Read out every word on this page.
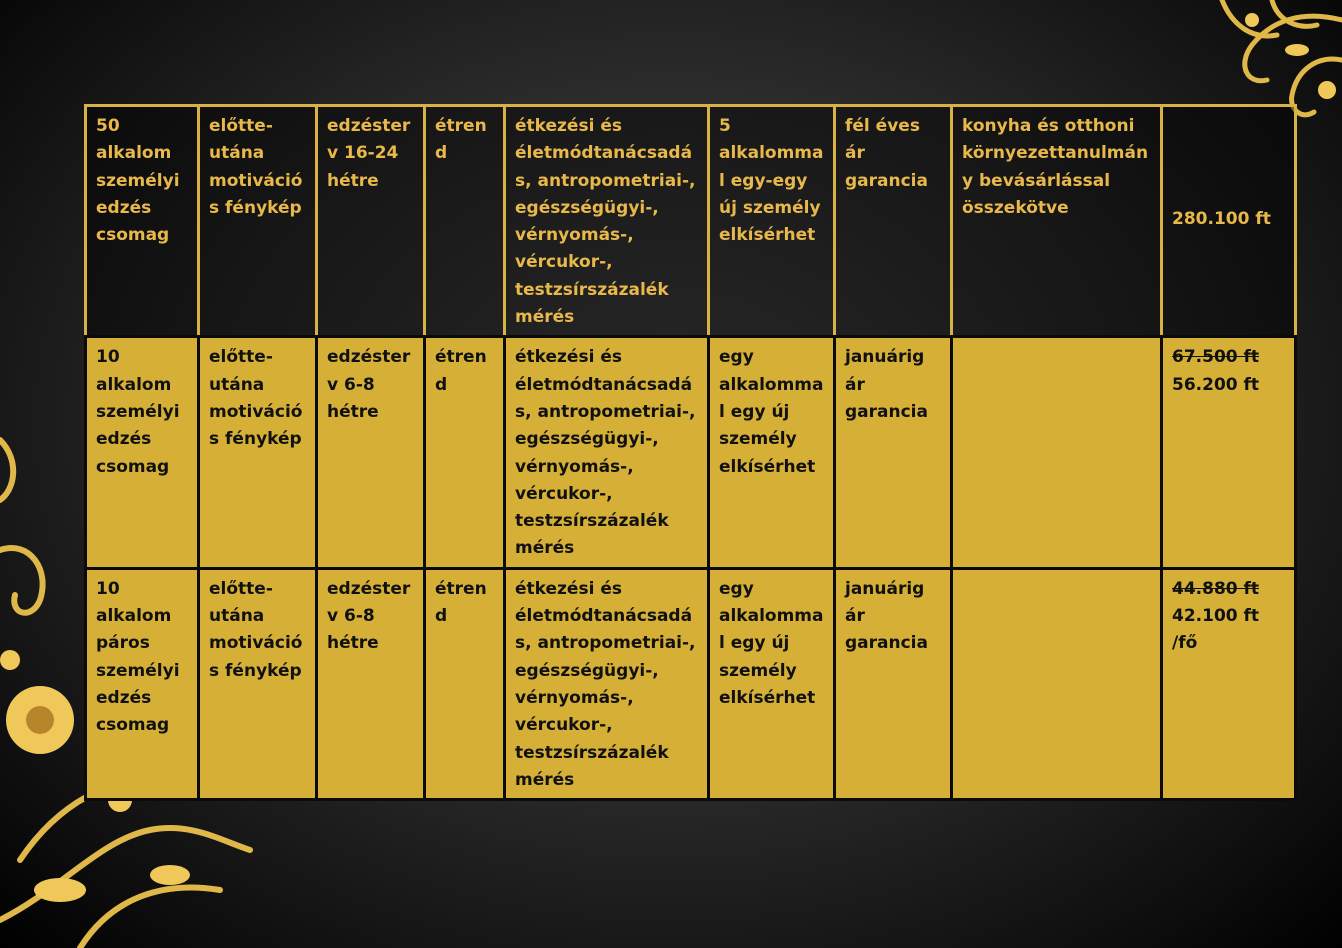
50 alkalom személyi edzés csomag	előtte-utána motivációs fénykép	edzésterv 16-24 hétre	étrend	étkezési és életmódtanácsadás, antropometriai-, egészségügyi-, vérnyomás-, vércukor-, testzsírszázalék mérés	5 alkalommal egy-egy új személy elkísérhet	fél éves ár garancia	konyha és otthoni környezettanulmány bevásárlással összekötve	280.100 ft

10 alkalom személyi edzés csomag	előtte-utána motivációs fénykép	edzésterv 6-8 hétre	étrend	étkezési és életmódtanácsadás, antropometriai-, egészségügyi-, vérnyomás-, vércukor-, testzsírszázalék mérés	egy alkalommal egy új személy elkísérhet	januárig ár garancia		67.500 ft
56.200 ft

10 alkalom páros személyi edzés csomag	előtte-utána motivációs fénykép	edzésterv 6-8 hétre	étrend	étkezési és életmódtanácsadás, antropometriai-, egészségügyi-, vérnyomás-, vércukor-, testzsírszázalék mérés	egy alkalommal egy új személy elkísérhet	januárig ár garancia		44.880 ft
42.100 ft /fő
